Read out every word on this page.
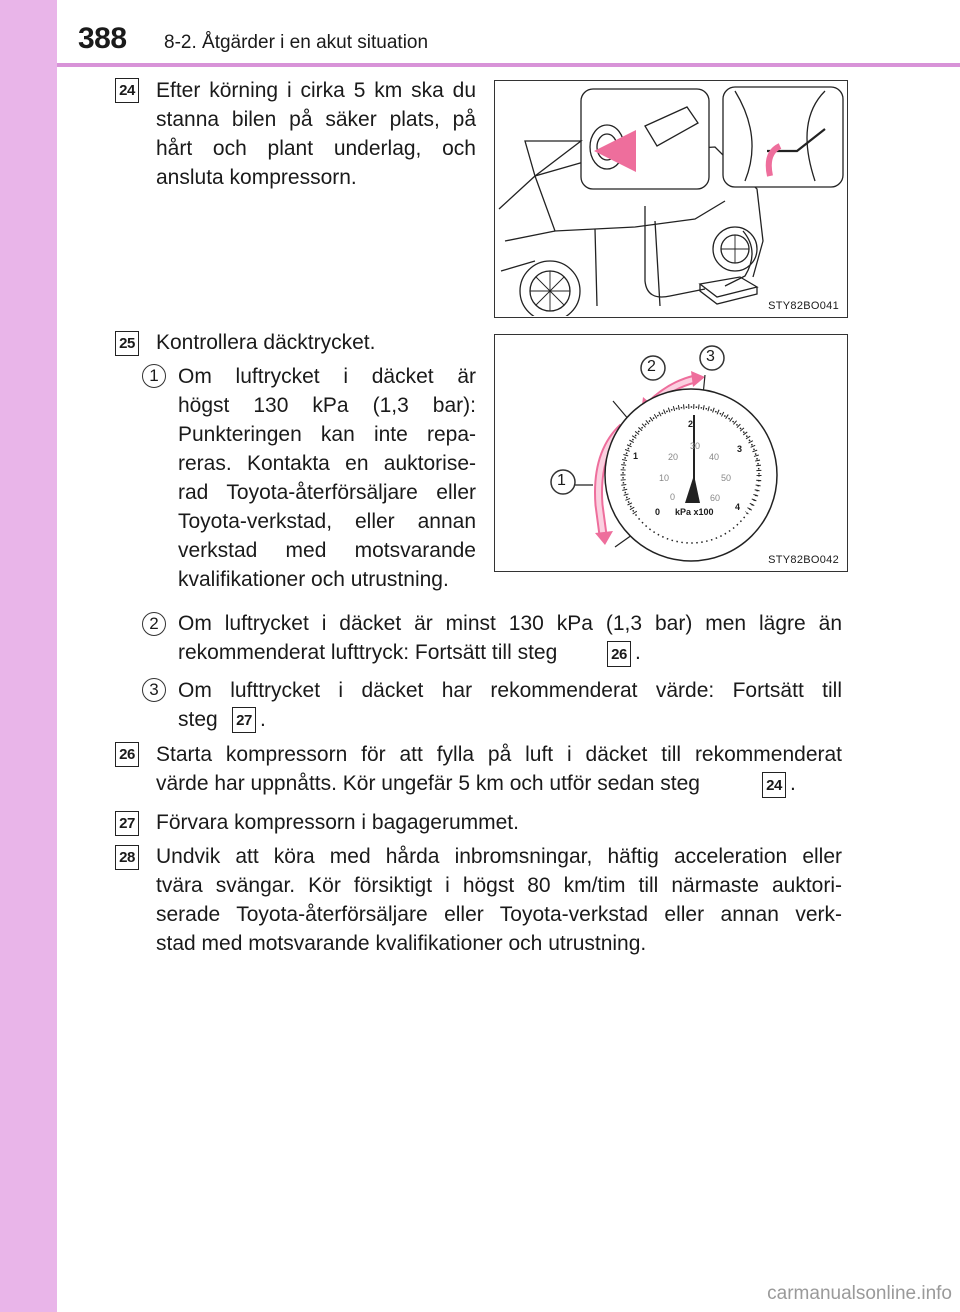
388 8-2. Åtgärder i en akut situation
24 Efter körning i cirka 5 km ska du
stanna bilen på säker plats, på
hårt och plant underlag, och
ansluta kompressorn.
STY82BO041
25 Kontrollera däcktrycket.
1 Om luftrycket i däcket är
högst 130 kPa (1,3 bar):
Punkteringen kan inte repa-
reras. Kontakta en auktorise-
rad Toyota-återförsäljare eller
Toyota-verkstad, eller annan
verkstad med motsvarande
kvalifikationer och utrustning.
1
2
3
0
1
2
3
4
0
10
20
30
40
50
60
kPa x100
STY82BO042
2 Om luftrycket i däcket är minst 130 kPa (1,3 bar) men lägre än
rekommenderat lufttryck: Fortsätt till steg	26 .
3 Om lufttrycket i däcket har rekommenderat värde: Fortsätt till
steg	27 .
26 Starta kompressorn för att fylla på luft i däcket till rekommenderat
värde har uppnåtts. Kör ungefär 5 km och utför sedan steg	24 .
27 Förvara kompressorn i bagagerummet.
28 Undvik att köra med hårda inbromsningar, häftig acceleration eller
tvära svängar. Kör försiktigt i högst 80 km/tim till närmaste auktori-
serade Toyota-återförsäljare eller Toyota-verkstad eller annan verk-
stad med motsvarande kvalifikationer och utrustning.
carmanualsonline.info
